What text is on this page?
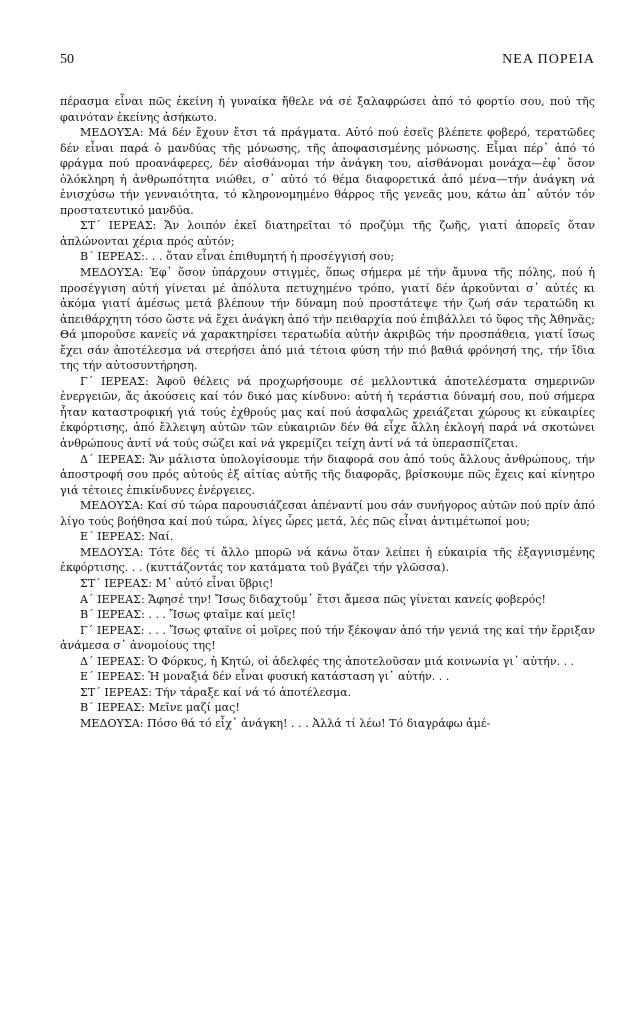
50	ΝΕΑ ΠΟΡΕΙΑ

πέρασμα εἶναι πῶς ἐκείνη ἡ γυναίκα ἤθελε νά σέ ξαλαφρώσει ἀπό τό φορτίο σου, πού τῆς φαινόταν ἐκείνης ἀσήκωτο.

ΜΕΔΟΥΣΑ: Μά δέν ἔχουν ἔτσι τά πράγματα. Αὐτό πού ἐσεῖς βλέπετε φοβερό, τερατῶδες δέν εἶναι παρά ὁ μανδύας τῆς μόνωσης, τῆς ἀποφασισμένης μόνωσης. Εἶμαι πέρ᾽ ἀπό τό φράγμα πού προανάφερες, δέν αἰσθάνομαι τήν ἀνάγκη του, αἰσθάνομαι μονάχα—ἐφ᾽ ὅσον ὁλόκληρη ἡ ἀνθρωπότητα νιώθει, σ᾽ αὐτό τό θέμα διαφορετικά ἀπό μένα—τήν ἀνάγκη νά ἐνισχύσω τήν γενναιότητα, τό κληρονομημένο θάρρος τῆς γενεᾶς μου, κάτω ἀπ᾽ αὐτόν τόν προστατευτικό μανδύα.

ΣΤ΄ ΙΕΡΕΑΣ: Ἄν λοιπόν ἐκεῖ διατηρεῖται τό προζύμι τῆς ζωῆς, γιατί ἀπορεῖς ὅταν ἁπλώνονται χέρια πρός αὐτόν;

Β΄ ΙΕΡΕΑΣ:. . . ὅταν εἶναι ἐπιθυμητή ἡ προσέγγισή σου;

ΜΕΔΟΥΣΑ: Ἐφ᾽ ὅσον ὑπάρχουν στιγμές, ὅπως σήμερα μέ τήν ἄμυνα τῆς πόλης, πού ἡ προσέγγιση αὐτή γίνεται μέ ἀπόλυτα πετυχημένο τρόπο, γιατί δέν ἀρκοῦνται σ᾽ αὐτές κι ἀκόμα γιατί ἀμέσως μετά βλέπουν τήν δύναμη πού προστάτεψε τήν ζωή σάν τερατώδη κι ἀπειθάρχητη τόσο ὥστε νά ἔχει ἀνάγκη ἀπό τήν πειθαρχία πού ἐπιβάλλει τό ὕφος τῆς Ἀθηνᾶς; Θά μποροῦσε κανείς νά χαρακτηρίσει τερατωδία αὐτήν ἀκριβῶς τήν προσπάθεια, γιατί ἴσως ἔχει σάν ἀποτέλεσμα νά στερήσει ἀπό μιά τέτοια φύση τήν πιό βαθιά φρόνησή της, τήν ἴδια της τήν αὐτοσυντήρηση.

Γ΄ ΙΕΡΕΑΣ: Ἀφοῦ θέλεις νά προχωρήσουμε σέ μελλοντικά ἀποτελέσματα σημερινῶν ἐνεργειῶν, ἄς ἀκούσεις καί τόν δικό μας κίνδυνο: αὐτή ἡ τεράστια δύναμή σου, πού σήμερα ἦταν καταστροφική γιά τούς ἐχθρούς μας καί πού ἀσφαλῶς χρειάζεται χώρους κι εὐκαιρίες ἐκφόρτισης, ἀπό ἔλλειψη αὐτῶν τῶν εὐκαιριῶν δέν θά εἶχε ἄλλη ἐκλογή παρά νά σκοτώνει ἀνθρώπους ἀντί νά τούς σώζει καί νά γκρεμίζει τείχη ἀντί νά τά ὑπερασπίζεται.

Δ΄ ΙΕΡΕΑΣ: Ἄν μάλιστα ὑπολογίσουμε τήν διαφορά σου ἀπό τούς ἄλλους ἀνθρώπους, τήν ἀποστροφή σου πρός αὐτούς ἐξ αἰτίας αὐτῆς τῆς διαφορᾶς, βρίσκουμε πῶς ἔχεις καί κίνητρο γιά τέτοιες ἐπικίνδυνες ἐνέργειες.

ΜΕΔΟΥΣΑ: Καί σύ τώρα παρουσιάζεσαι ἀπέναντί μου σάν συνήγορος αὐτῶν πού πρίν ἀπό λίγο τούς βοήθησα καί πού τώρα, λίγες ὧρες μετά, λές πῶς εἶναι ἀντιμέτωποί μου;

Ε΄ ΙΕΡΕΑΣ: Ναί.

ΜΕΔΟΥΣΑ: Τότε δές τί ἄλλο μπορῶ νά κάνω ὅταν λείπει ἡ εὐκαιρία τῆς ἐξαγνισμένης ἐκφόρτισης. . . (κυττάζοντάς τον κατάματα τοῦ βγάζει τήν γλῶσσα).

ΣΤ΄ ΙΕΡΕΑΣ: Μ᾽ αὐτό εἶναι ὕβρις!

Α΄ ΙΕΡΕΑΣ: Ἄφησέ την! Ἴσως διδαχτοῦμ᾽ ἔτσι ἄμεσα πῶς γίνεται κανείς φοβερός!

Β΄ ΙΕΡΕΑΣ: . . . Ἴσως φταῖμε καί μεῖς!

Γ΄ ΙΕΡΕΑΣ: . . . Ἴσως φταῖνε οἱ μοῖρες πού τήν ξέκοψαν ἀπό τήν γενιά της καί τήν ἔρριξαν ἀνάμεσα σ᾽ ἀνομοίους της!

Δ΄ ΙΕΡΕΑΣ: Ὁ Φόρκυς, ἡ Κητώ, οἱ ἀδελφές της ἀποτελοῦσαν μιά κοινωνία γι᾽ αὐτήν. . .

Ε΄ ΙΕΡΕΑΣ: Ἡ μοναξιά δέν εἶναι φυσική κατάσταση γι᾽ αὐτήν. . .

ΣΤ΄ ΙΕΡΕΑΣ: Τήν τάραξε καί νά τό ἀποτέλεσμα.

Β΄ ΙΕΡΕΑΣ: Μεῖνε μαζί μας!

ΜΕΔΟΥΣΑ: Πόσο θά τό εἶχ᾽ ἀνάγκη! . . . Ἀλλά τί λέω! Τό διαγράφω ἀμέ-
